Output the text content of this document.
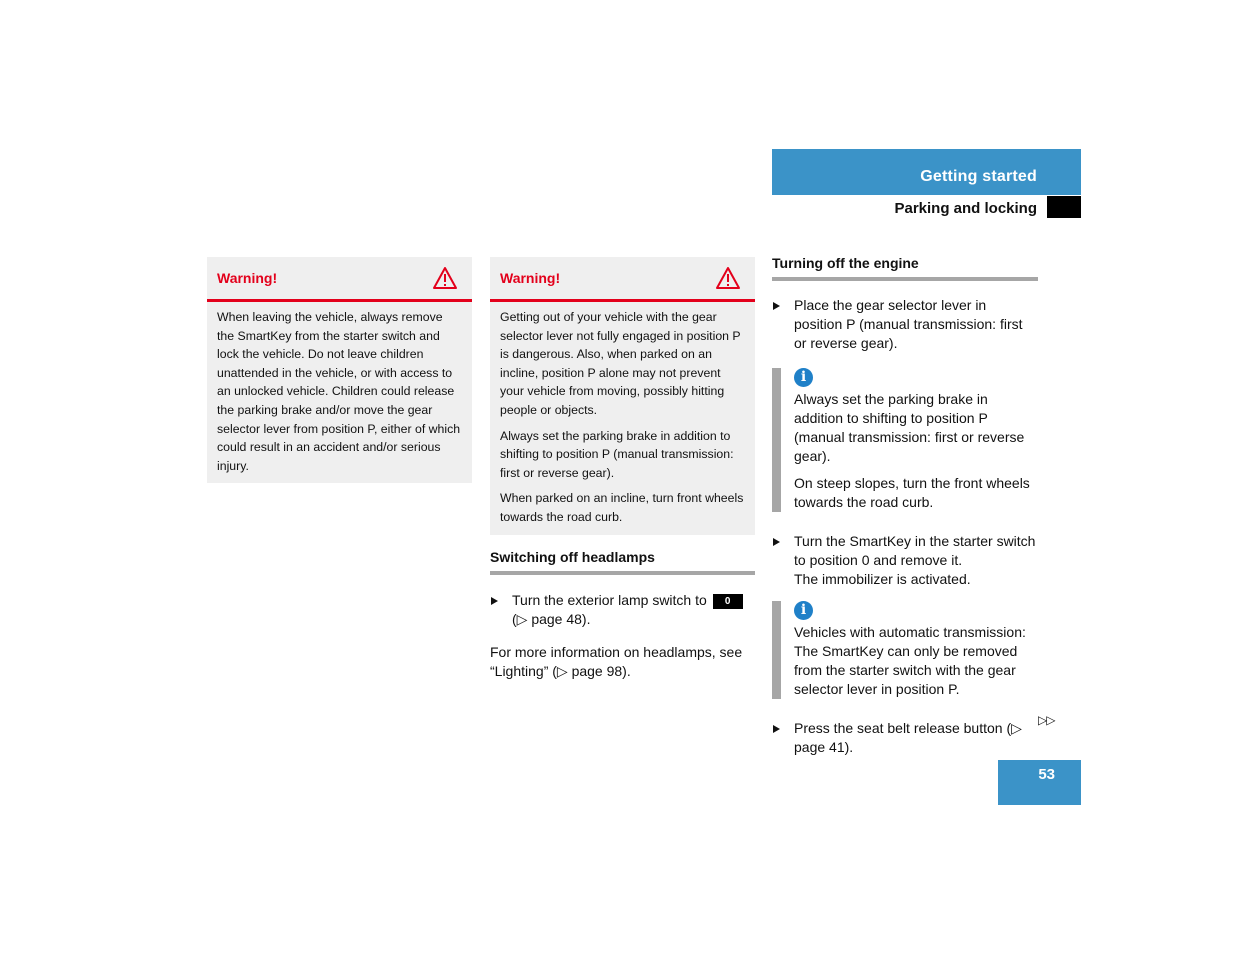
Getting started
Parking and locking
Warning!

When leaving the vehicle, always remove the SmartKey from the starter switch and lock the vehicle. Do not leave children unattended in the vehicle, or with access to an unlocked vehicle. Children could release the parking brake and/or move the gear selector lever from position P, either of which could result in an accident and/or serious injury.

Warning!

Getting out of your vehicle with the gear selector lever not fully engaged in position P is dangerous. Also, when parked on an incline, position P alone may not prevent your vehicle from moving, possibly hitting people or objects.

Always set the parking brake in addition to shifting to position P (manual transmission: first or reverse gear).

When parked on an incline, turn front wheels towards the road curb.

Switching off headlamps

Turn the exterior lamp switch to 0
(▷ page 48).

For more information on headlamps, see “Lighting” (▷ page 98).

Turning off the engine

Place the gear selector lever in position P (manual transmission: first or reverse gear).

i

Always set the parking brake in addition to shifting to position P (manual transmission: first or reverse gear).

On steep slopes, turn the front wheels towards the road curb.

Turn the SmartKey in the starter switch to position 0 and remove it.

The immobilizer is activated.

i

Vehicles with automatic transmission: The SmartKey can only be removed from the starter switch with the gear selector lever in position P.

Press the seat belt release button (▷ page 41).

▷▷
53
